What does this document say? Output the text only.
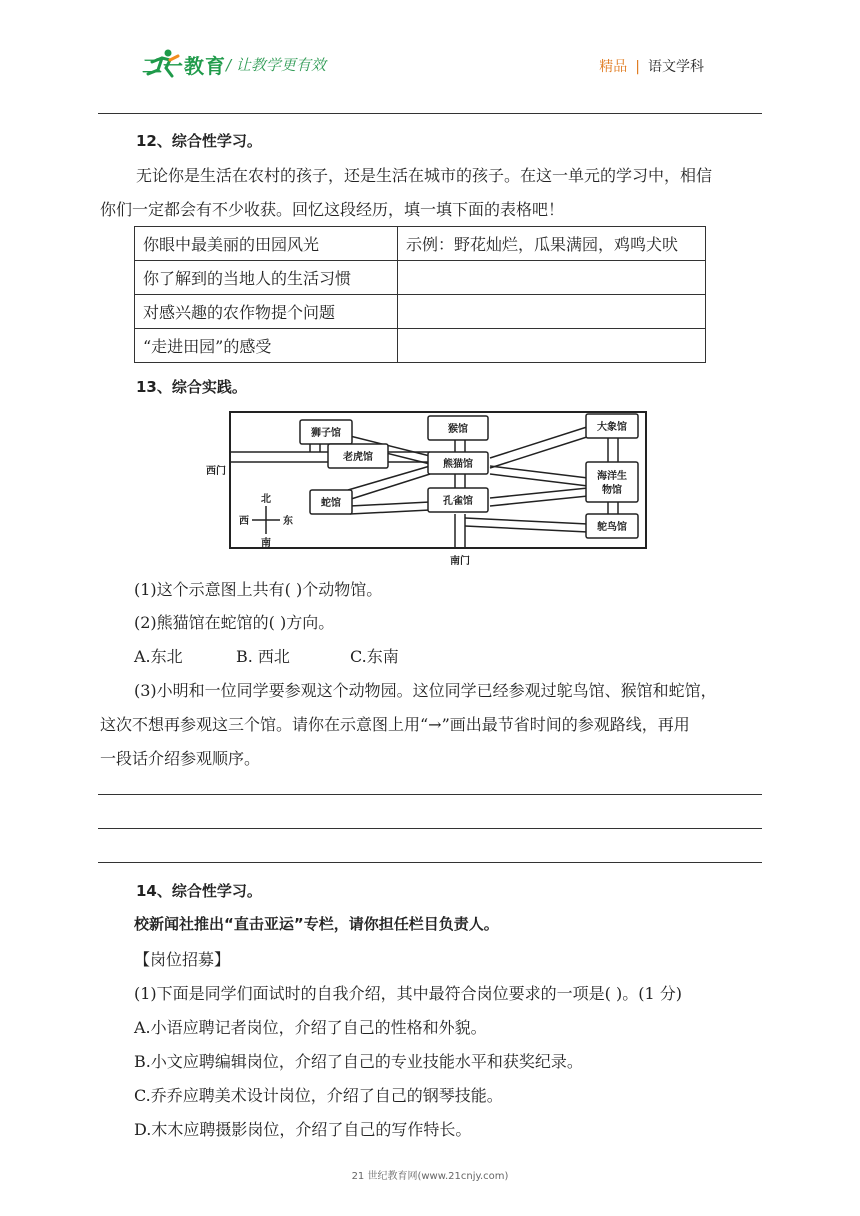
二一教育 / 让教学更有效	精品 | 语文学科
12、综合性学习。
无论你是生活在农村的孩子，还是生活在城市的孩子。在这一单元的学习中，相信
你们一定都会有不少收获。回忆这段经历，填一填下面的表格吧！
你眼中最美丽的田园风光	示例：野花灿烂，瓜果满园，鸡鸣犬吠
你了解到的当地人的生活习惯	
对感兴趣的农作物提个问题	
“走进田园”的感受	
13、综合实践。
狮子馆	猴馆	大象馆
老虎馆
熊猫馆
海洋生
物馆
蛇馆	孔雀馆
鸵鸟馆
西门
南门
北
南
西	东
(1)这个示意图上共有( )个动物馆。
(2)熊猫馆在蛇馆的( )方向。
A.东北	B. 西北	C.东南
(3)小明和一位同学要参观这个动物园。这位同学已经参观过鸵鸟馆、猴馆和蛇馆，
这次不想再参观这三个馆。请你在示意图上用“→”画出最节省时间的参观路线，再用
一段话介绍参观顺序。
14、综合性学习。
校新闻社推出“直击亚运”专栏，请你担任栏目负责人。
【岗位招募】
(1)下面是同学们面试时的自我介绍，其中最符合岗位要求的一项是( )。(1 分)
A.小语应聘记者岗位，介绍了自己的性格和外貌。
B.小文应聘编辑岗位，介绍了自己的专业技能水平和获奖纪录。
C.乔乔应聘美术设计岗位，介绍了自己的钢琴技能。
D.木木应聘摄影岗位，介绍了自己的写作特长。
21 世纪教育网(www.21cnjy.com)
